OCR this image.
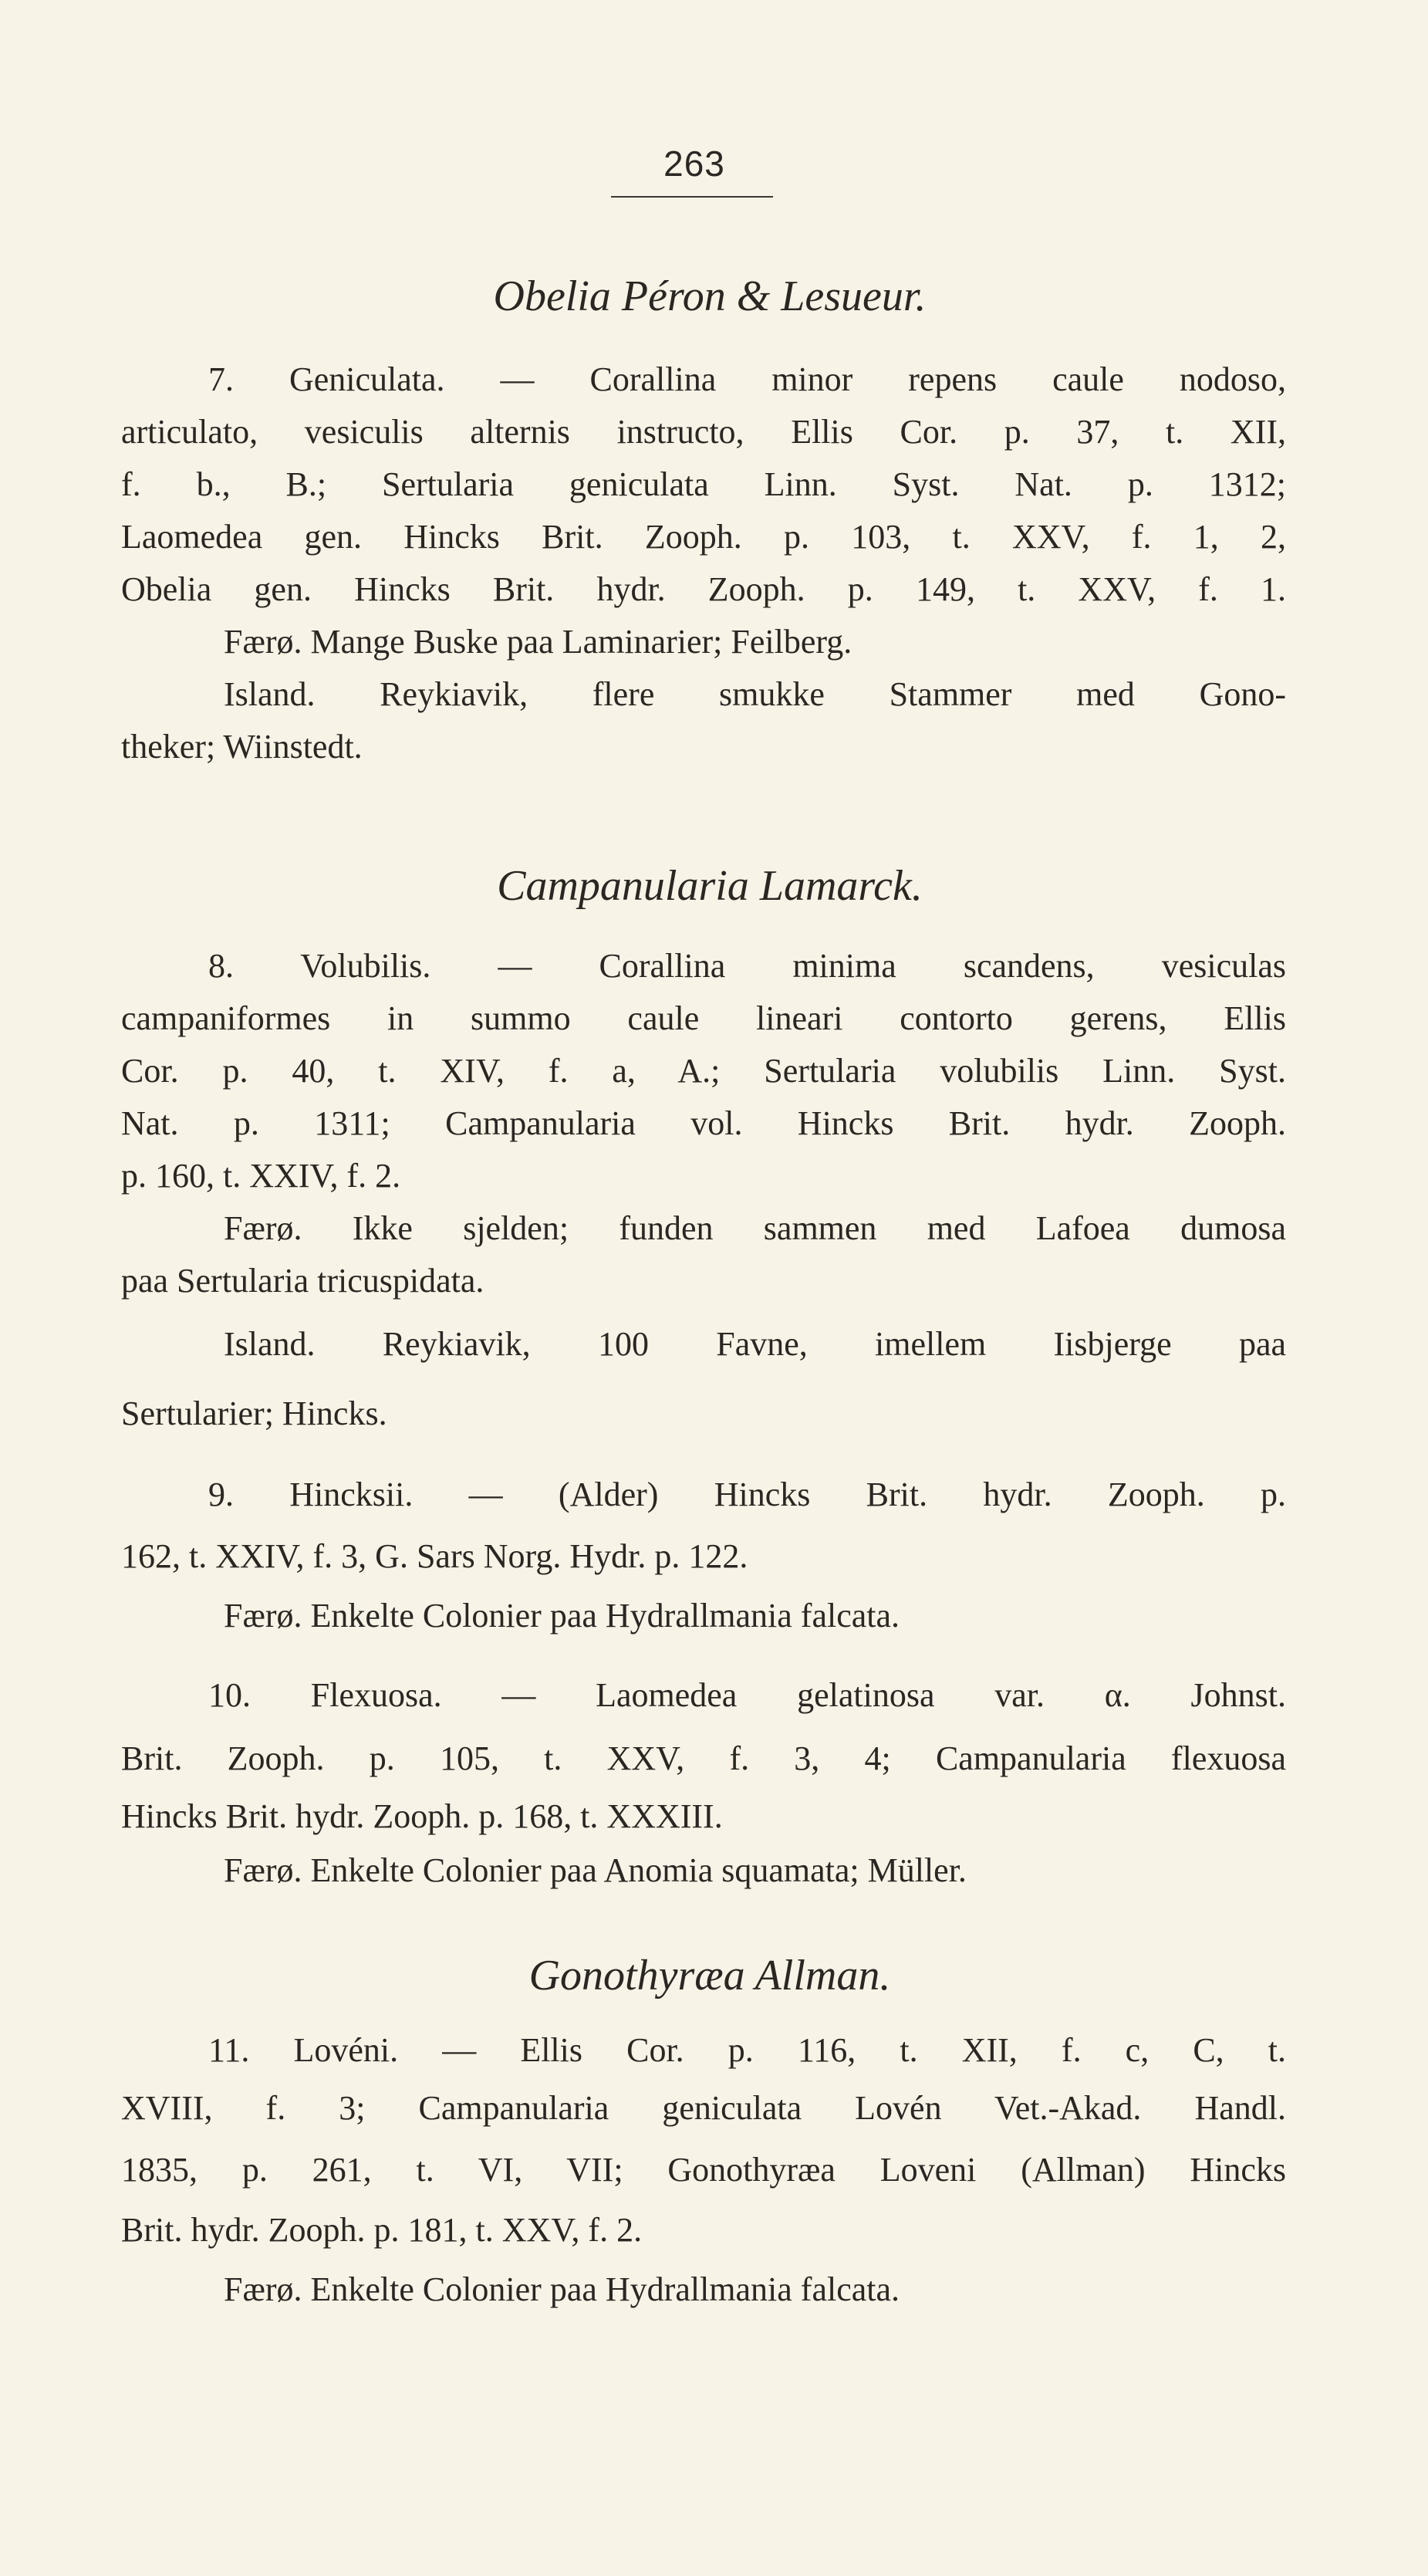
263
Obelia Péron & Lesueur.
7. Geniculata. — Corallina minor repens caule nodoso,
articulato, vesiculis alternis instructo, Ellis Cor. p. 37, t. XII,
f. b., B.; Sertularia geniculata Linn. Syst. Nat. p. 1312;
Laomedea gen. Hincks Brit. Zooph. p. 103, t. XXV, f. 1, 2,
Obelia gen. Hincks Brit. hydr. Zooph. p. 149, t. XXV, f. 1.
Færø. Mange Buske paa Laminarier; Feilberg.
Island. Reykiavik, flere smukke Stammer med Gono-
theker; Wiinstedt.
Campanularia Lamarck.
8. Volubilis. — Corallina minima scandens, vesiculas
campaniformes in summo caule lineari contorto gerens, Ellis
Cor. p. 40, t. XIV, f. a, A.; Sertularia volubilis Linn. Syst.
Nat. p. 1311; Campanularia vol. Hincks Brit. hydr. Zooph.
p. 160, t. XXIV, f. 2.
Færø. Ikke sjelden; funden sammen med Lafoea dumosa
paa Sertularia tricuspidata.
Island. Reykiavik, 100 Favne, imellem Iisbjerge paa
Sertularier; Hincks.
9. Hincksii. — (Alder) Hincks Brit. hydr. Zooph. p.
162, t. XXIV, f. 3, G. Sars Norg. Hydr. p. 122.
Færø. Enkelte Colonier paa Hydrallmania falcata.
10. Flexuosa. — Laomedea gelatinosa var. α. Johnst.
Brit. Zooph. p. 105, t. XXV, f. 3, 4; Campanularia flexuosa
Hincks Brit. hydr. Zooph. p. 168, t. XXXIII.
Færø. Enkelte Colonier paa Anomia squamata; Müller.
Gonothyræa Allman.
11. Lovéni. — Ellis Cor. p. 116, t. XII, f. c, C, t.
XVIII, f. 3; Campanularia geniculata Lovén Vet.-Akad. Handl.
1835, p. 261, t. VI, VII; Gonothyræa Loveni (Allman) Hincks
Brit. hydr. Zooph. p. 181, t. XXV, f. 2.
Færø. Enkelte Colonier paa Hydrallmania falcata.
